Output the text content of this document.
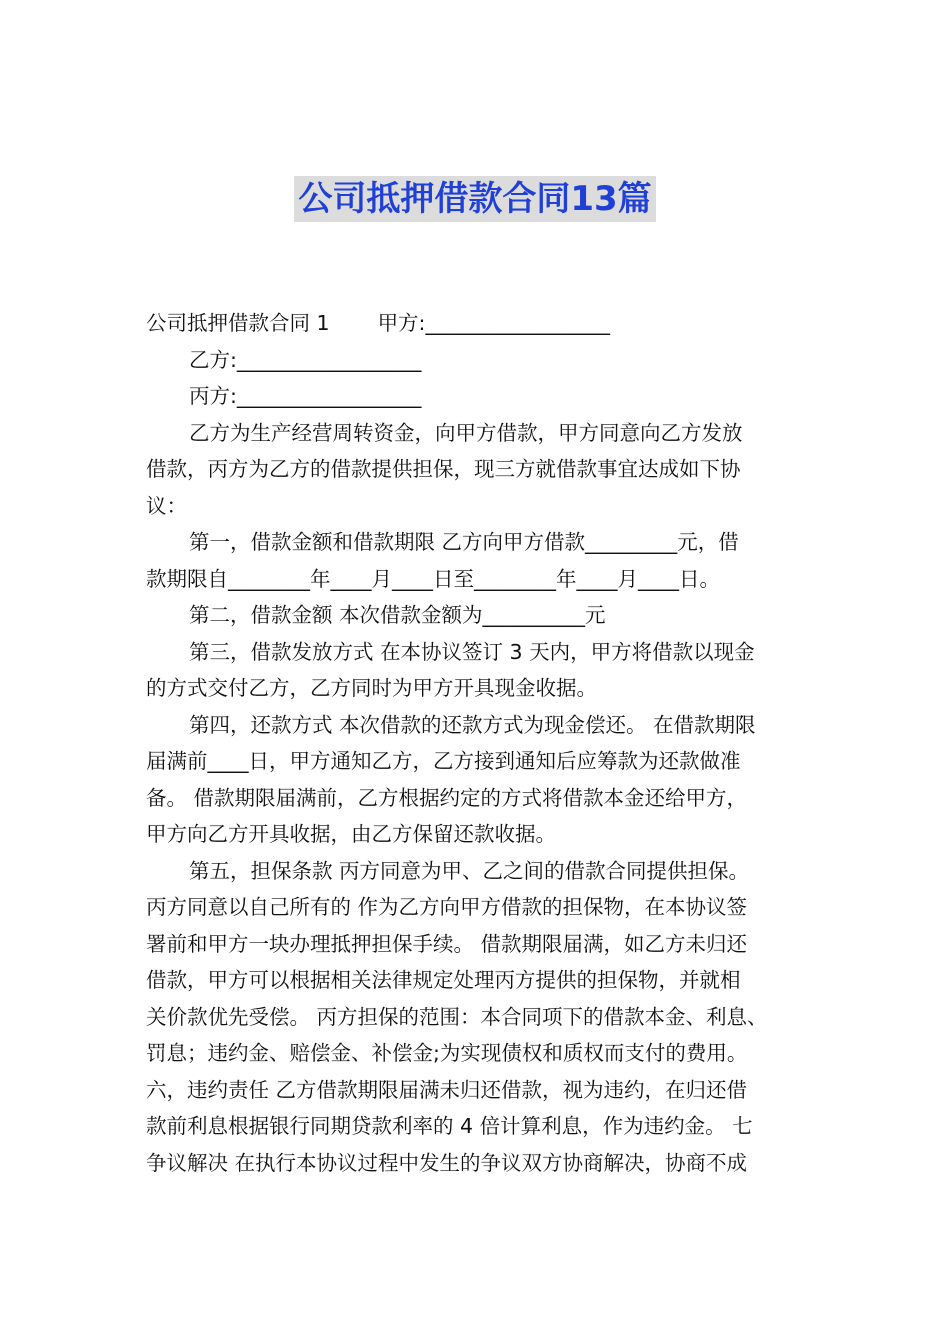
公司抵押借款合同13篇
公司抵押借款合同 1 甲方:__________________
乙方:__________________
丙方:__________________
乙方为生产经营周转资金，向甲方借款，甲方同意向乙方发放
借款，丙方为乙方的借款提供担保，现三方就借款事宜达成如下协
议：
第一，借款金额和借款期限 乙方向甲方借款_________元，借
款期限自________年____月____日至________年____月____日。
第二，借款金额 本次借款金额为__________元
第三，借款发放方式 在本协议签订 3 天内，甲方将借款以现金
的方式交付乙方，乙方同时为甲方开具现金收据。
第四，还款方式 本次借款的还款方式为现金偿还。 在借款期限
届满前____日，甲方通知乙方，乙方接到通知后应筹款为还款做准
备。 借款期限届满前，乙方根据约定的方式将借款本金还给甲方，
甲方向乙方开具收据，由乙方保留还款收据。
第五，担保条款 丙方同意为甲、乙之间的借款合同提供担保。
丙方同意以自己所有的 作为乙方向甲方借款的担保物，在本协议签
署前和甲方一块办理抵押担保手续。 借款期限届满，如乙方未归还
借款，甲方可以根据相关法律规定处理丙方提供的担保物，并就相
关价款优先受偿。 丙方担保的范围：本合同项下的借款本金、利息、
罚息；违约金、赔偿金、补偿金;为实现债权和质权而支付的费用。
六，违约责任 乙方借款期限届满未归还借款，视为违约，在归还借
款前利息根据银行同期贷款利率的 4 倍计算利息，作为违约金。 七
争议解决 在执行本协议过程中发生的争议双方协商解决，协商不成
